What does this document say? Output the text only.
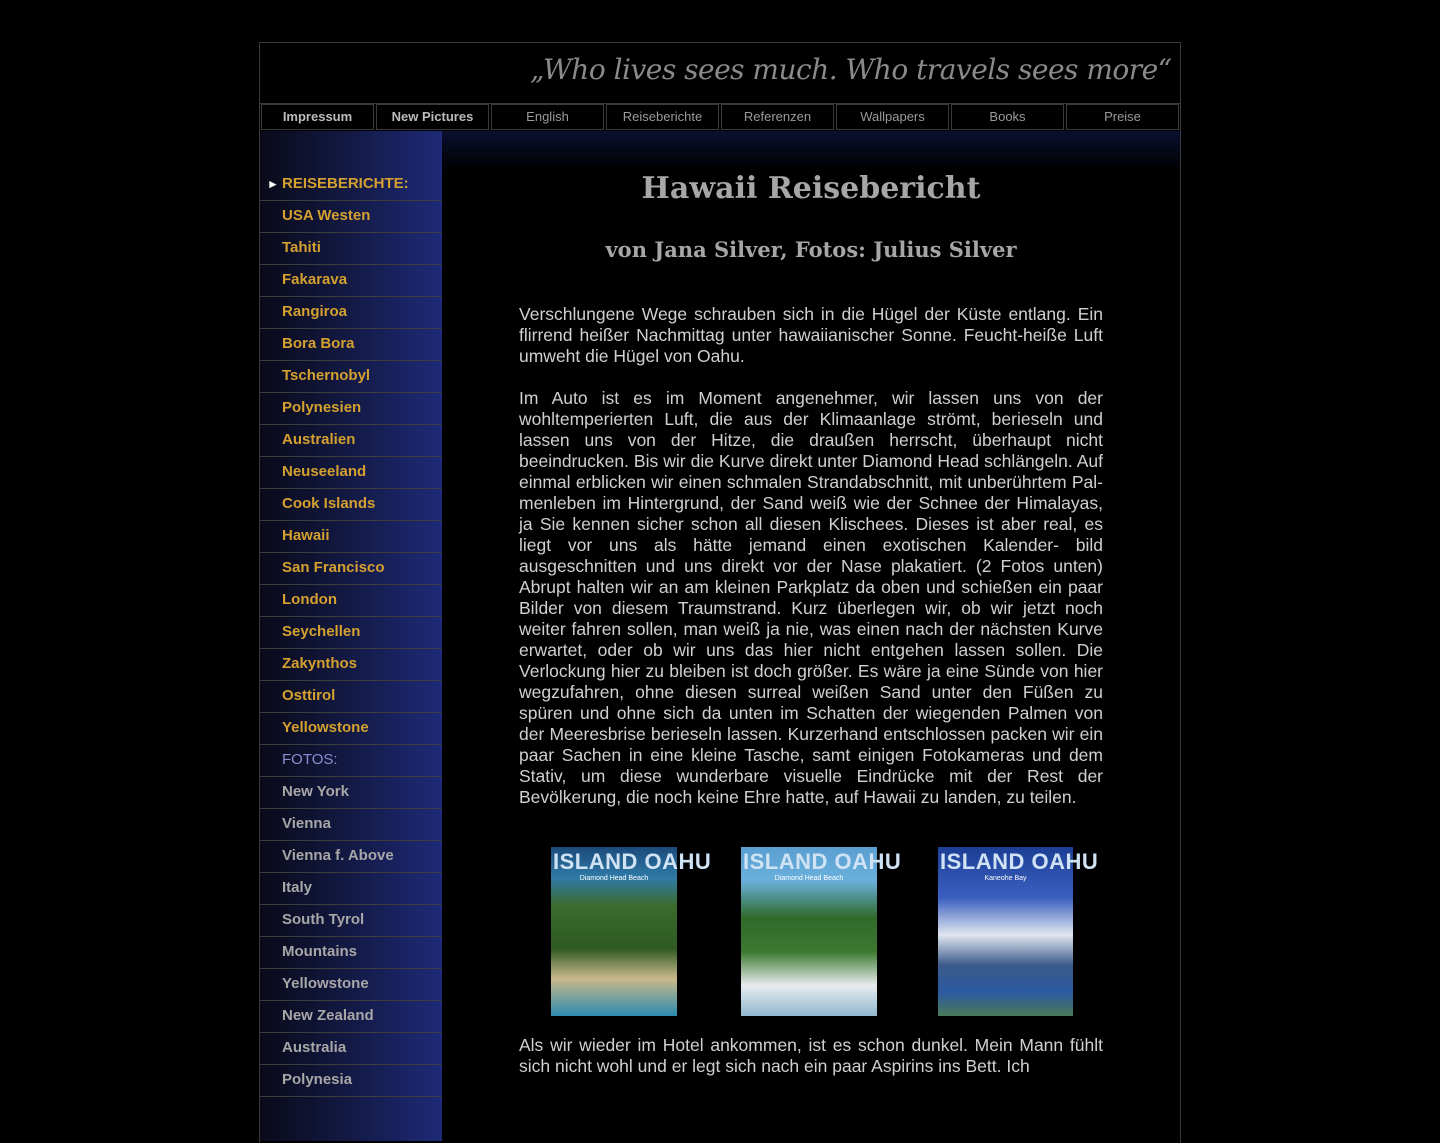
„Who lives sees much. Who travels sees more“
Impressum	New Pictures	English	Reiseberichte	Referenzen	Wallpapers	Books	Preise
► REISEBERICHTE:
USA Westen
Tahiti
Fakarava
Rangiroa
Bora Bora
Tschernobyl
Polynesien
Australien
Neuseeland
Cook Islands
Hawaii
San Francisco
London
Seychellen
Zakynthos
Osttirol
Yellowstone
FOTOS:
New York
Vienna
Vienna f. Above
Italy
South Tyrol
Mountains
Yellowstone
New Zealand
Australia
Polynesia
Hawaii Reisebericht
von Jana Silver, Fotos: Julius Silver

Verschlungene Wege schrauben sich in die Hügel der Küste entlang. Ein flirrend heißer Nachmittag unter hawaiianischer Sonne. Feucht-heiße Luft umweht die Hügel von Oahu.

Im Auto ist es im Moment angenehmer, wir lassen uns von der wohltemperierten Luft, die aus der Klimaanlage strömt, berieseln und lassen uns von der Hitze, die draußen herrscht, überhaupt nicht beeindrucken. Bis wir die Kurve direkt unter Diamond Head schlängeln. Auf einmal erblicken wir einen schmalen Strandabschnitt, mit unberührtem Pal- menleben im Hintergrund, der Sand weiß wie der Schnee der Himalayas, ja Sie kennen sicher schon all diesen Klischees. Dieses ist aber real, es liegt vor uns als hätte jemand einen exotischen Kalender- bild ausgeschnitten und uns direkt vor der Nase plakatiert. (2 Fotos unten) Abrupt halten wir an am kleinen Parkplatz da oben und schießen ein paar Bilder von diesem Traumstrand. Kurz überlegen wir, ob wir jetzt noch weiter fahren sollen, man weiß ja nie, was einen nach der nächsten Kurve erwartet, oder ob wir uns das hier nicht entgehen lassen sollen. Die Verlockung hier zu bleiben ist doch größer. Es wäre ja eine Sünde von hier wegzufahren, ohne diesen surreal weißen Sand unter den Füßen zu spüren und ohne sich da unten im Schatten der wiegenden Palmen von der Meeresbrise berieseln lassen. Kurzerhand entschlossen packen wir ein paar Sachen in eine kleine Tasche, samt einigen Fotokameras und dem Stativ, um diese wunderbare visuelle Eindrücke mit der Rest der Bevölkerung, die noch keine Ehre hatte, auf Hawaii zu landen, zu teilen.

ISLAND OAHU
Diamond Head Beach
ISLAND OAHU
Diamond Head Beach
ISLAND OAHU
Kaneohe Bay

Als wir wieder im Hotel ankommen, ist es schon dunkel. Mein Mann fühlt sich nicht wohl und er legt sich nach ein paar Aspirins ins Bett. Ich
